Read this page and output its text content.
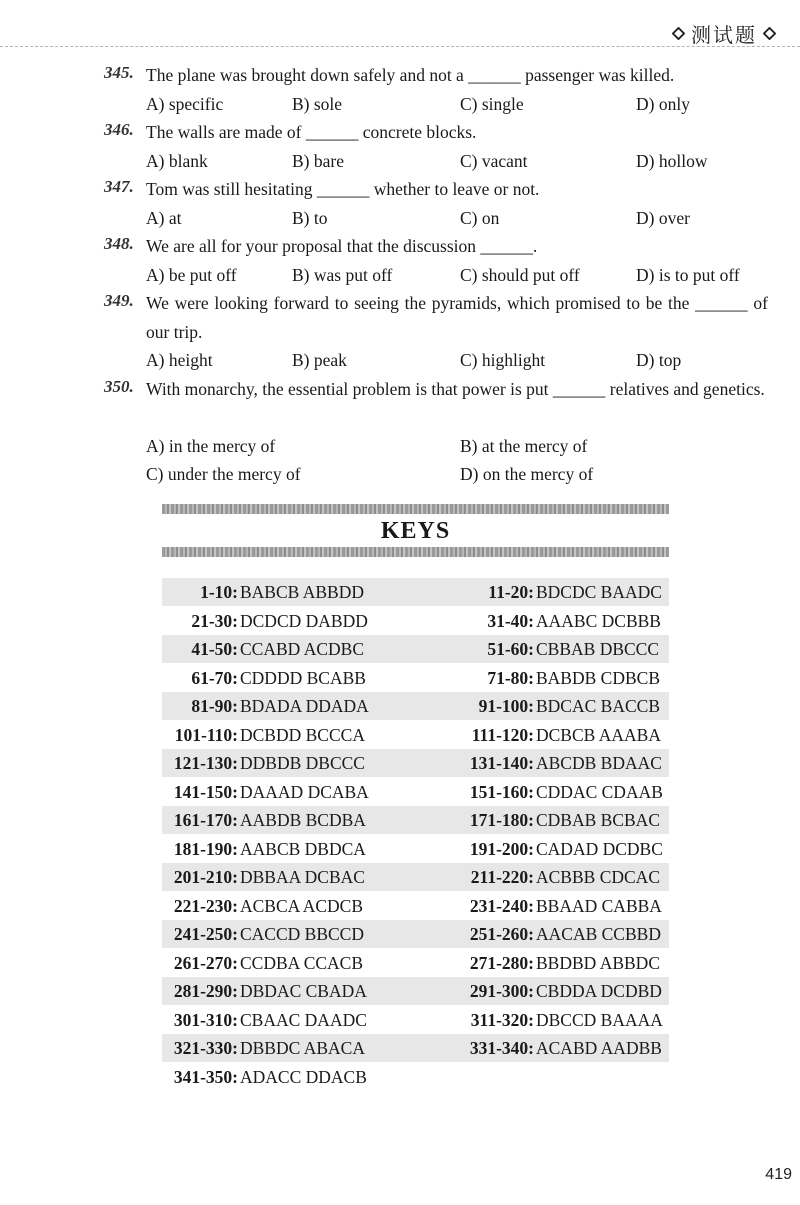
测试题
345. The plane was brought down safely and not a ______ passenger was killed.
A) specific	B) sole	C) single	D) only
346. The walls are made of ______ concrete blocks.
A) blank	B) bare	C) vacant	D) hollow
347. Tom was still hesitating ______ whether to leave or not.
A) at	B) to	C) on	D) over
348. We are all for your proposal that the discussion ______.
A) be put off	B) was put off	C) should put off	D) is to put off
349. We were looking forward to seeing the pyramids, which promised to be the ______ of our trip.
A) height	B) peak	C) highlight	D) top
350. With monarchy, the essential problem is that power is put ______ relatives and genetics.
A) in the mercy of	B) at the mercy of
C) under the mercy of	D) on the mercy of
KEYS
1-10: BABCB ABBDD	11-20: BDCDC BAADC
21-30: DCDCD DABDD	31-40: AAABC DCBBB
41-50: CCABD ACDBC	51-60: CBBAB DBCCC
61-70: CDDDD BCABB	71-80: BABDB CDBCB
81-90: BDADA DDADA	91-100: BDCAC BACCB
101-110: DCBDD BCCCA	111-120: DCBCB AAABA
121-130: DDBDB DBCCC	131-140: ABCDB BDAAC
141-150: DAAAD DCABA	151-160: CDDAC CDAAB
161-170: AABDB BCDBA	171-180: CDBAB BCBAC
181-190: AABCB DBDCA	191-200: CADAD DCDBC
201-210: DBBAA DCBAC	211-220: ACBBB CDCAC
221-230: ACBCA ACDCB	231-240: BBAAD CABBA
241-250: CACCD BBCCD	251-260: AACAB CCBBD
261-270: CCDBA CCACB	271-280: BBDBD ABBDC
281-290: DBDAC CBADA	291-300: CBDDA DCDBD
301-310: CBAAC DAADC	311-320: DBCCD BAAAA
321-330: DBBDC ABACA	331-340: ACABD AADBB
341-350: ADACC DDACB
419
